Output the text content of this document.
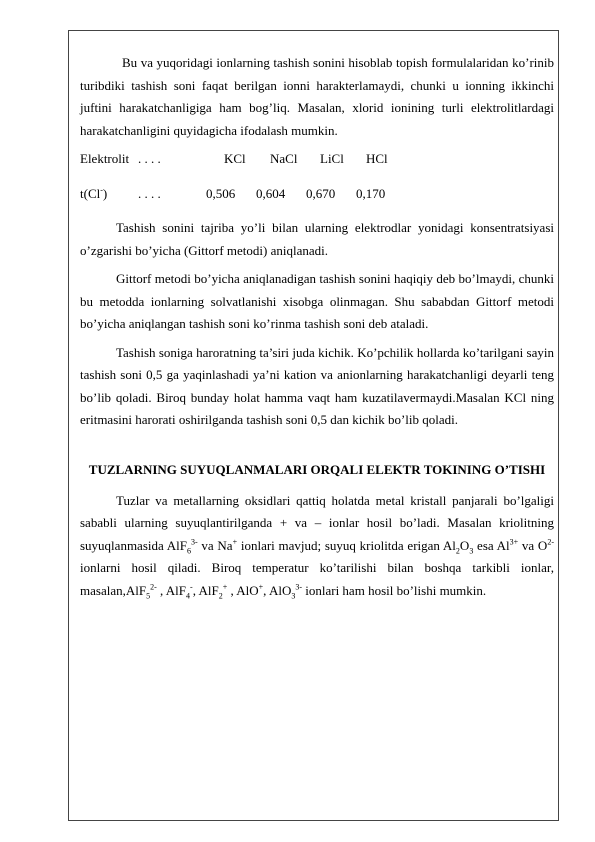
Bu va yuqoridagi ionlarning tashish sonini hisoblab topish formulalaridan ko’rinib turibdiki tashish soni faqat berilgan ionni harakterlamaydi, chunki u ionning ikkinchi juftini harakatchanligiga ham bog’liq. Masalan, xlorid ionining turli elektrolitlardagi harakatchanligini quyidagicha ifodalash mumkin.

Elektrolit . . . .	KCl	NaCl	LiCl	HCl
t(Cl-)	. . . .	0,506	0,604	0,670	0,170

Tashish sonini tajriba yo’li bilan ularning elektrodlar yonidagi konsentratsiyasi o’zgarishi bo’yicha (Gittorf metodi) aniqlanadi.

Gittorf metodi bo’yicha aniqlanadigan tashish sonini haqiqiy deb bo’lmaydi, chunki bu metodda ionlarning solvatlanishi xisobga olinmagan. Shu sababdan Gittorf metodi bo’yicha aniqlangan tashish soni ko’rinma tashish soni deb ataladi.

Tashish soniga haroratning ta’siri juda kichik. Ko’pchilik hollarda ko’tarilgani sayin tashish soni 0,5 ga yaqinlashadi ya’ni kation va anionlarning harakatchanligi deyarli teng bo’lib qoladi. Biroq bunday holat hamma vaqt ham kuzatilavermaydi.Masalan KCl ning eritmasini harorati oshirilganda tashish soni 0,5 dan kichik bo’lib qoladi.

TUZLARNING SUYUQLANMALARI ORQALI ELEKTR TOKINING O’TISHI

Tuzlar va metallarning oksidlari qattiq holatda metal kristall panjarali bo’lgaligi sababli ularning suyuqlantirilganda + va – ionlar hosil bo’ladi. Masalan kriolitning suyuqlanmasida AlF$_6^{3-}$ va Na+ ionlari mavjud; suyuq kriolitda erigan $Al_2O_3$ esa $Al^{3+}$ va $O^{2-}$ ionlarni hosil qiladi. Biroq temperatur ko’tarilishi bilan boshqa tarkibli ionlar, masalan,AlF$_5^{2-}$ , AlF$_4$-, AlF$_2$+ , AlO+, AlO$_3^{3-}$ ionlari ham hosil bo’lishi mumkin.
